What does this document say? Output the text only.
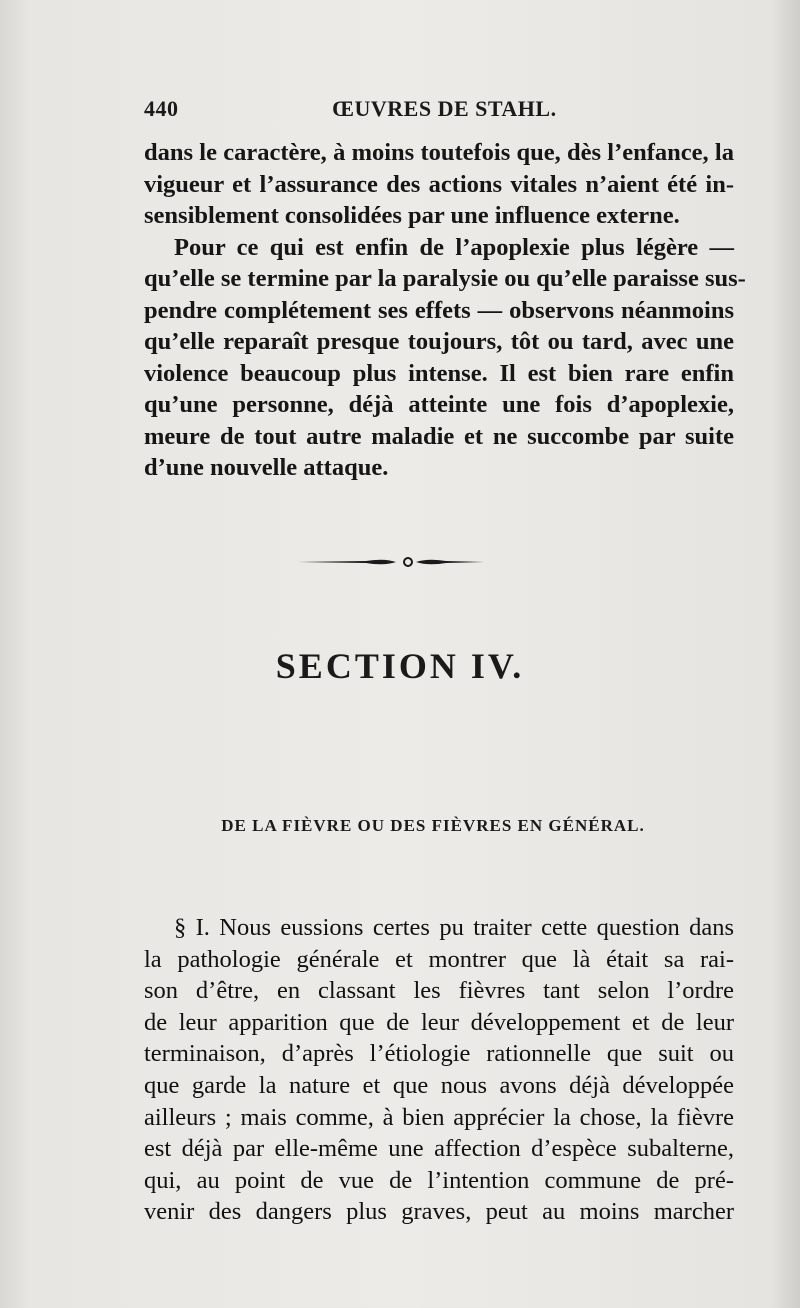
440	ŒUVRES DE STAHL.
dans le caractère, à moins toutefois que, dès l’enfance, la
vigueur et l’assurance des actions vitales n’aient été in-
sensiblement consolidées par une influence externe.
Pour ce qui est enfin de l’apoplexie plus légère —
qu’elle se termine par la paralysie ou qu’elle paraisse sus-
pendre complétement ses effets — observons néanmoins
qu’elle reparaît presque toujours, tôt ou tard, avec une
violence beaucoup plus intense. Il est bien rare enfin
qu’une personne, déjà atteinte une fois d’apoplexie,
meure de tout autre maladie et ne succombe par suite
d’une nouvelle attaque.
SECTION IV.
DE LA FIÈVRE OU DES FIÈVRES EN GÉNÉRAL.
§ I. Nous eussions certes pu traiter cette question dans
la pathologie générale et montrer que là était sa rai-
son d’être, en classant les fièvres tant selon l’ordre
de leur apparition que de leur développement et de leur
terminaison, d’après l’étiologie rationnelle que suit ou
que garde la nature et que nous avons déjà développée
ailleurs ; mais comme, à bien apprécier la chose, la fièvre
est déjà par elle-même une affection d’espèce subalterne,
qui, au point de vue de l’intention commune de pré-
venir des dangers plus graves, peut au moins marcher
